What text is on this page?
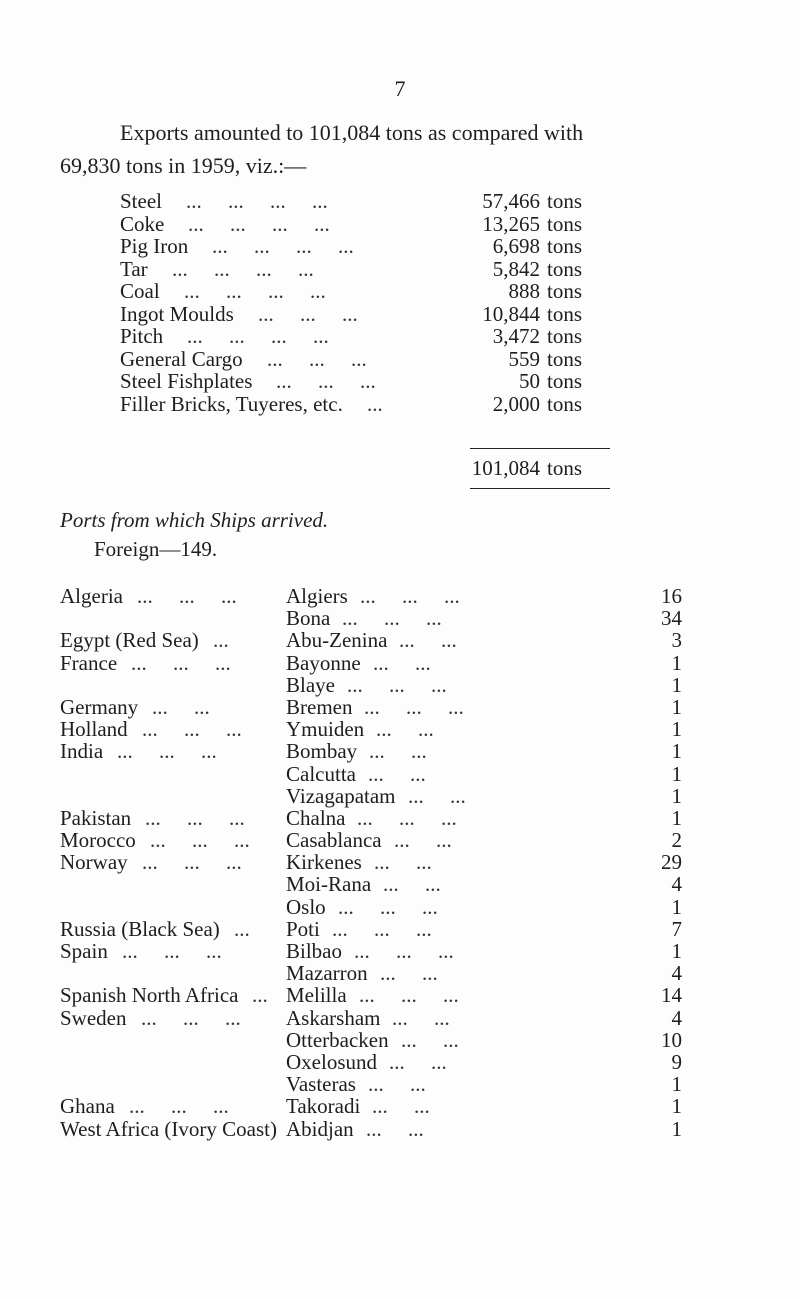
7

Exports amounted to 101,084 tons as compared with
69,830 tons in 1959, viz.:—

Steel ...     ...     ...     ...	57,466 tons
Coke ...     ...     ...     ...	13,265 tons
Pig Iron ...     ...     ...     ...	6,698 tons
Tar ...     ...     ...     ...	5,842 tons
Coal ...     ...     ...     ...	888 tons
Ingot Moulds ...     ...     ...	10,844 tons
Pitch ...     ...     ...     ...	3,472 tons
General Cargo ...     ...     ...	559 tons
Steel Fishplates ...     ...     ...	50 tons
Filler Bricks, Tuyeres, etc. ...	2,000 tons
101,084 tons
Ports from which Ships arrived.
Foreign—149.
Algeria ...     ...     ... Algiers ...     ...     ...	16
Bona ...     ...     ...	34
Egypt (Red Sea) ...	Abu-Zenina ...     ...	3
France ...     ...     ...	Bayonne ...     ...	1
Blaye ...     ...     ...	1
Germany ...     ...	Bremen ...     ...     ...	1
Holland ...     ...     ... Ymuiden ...     ...	1
India ...     ...     ...	Bombay ...     ...	1
Calcutta ...     ...	1
Vizagapatam ...     ...	1
Pakistan ...     ...     ... Chalna ...     ...     ...	1
Morocco ...     ...     ... Casablanca ...     ...	2
Norway ...     ...     ... Kirkenes ...     ...	29
Moi-Rana ...     ...	4
Oslo ...     ...     ...	1
Russia (Black Sea) ... Poti ...     ...     ...	7
Spain ...     ...     ...	Bilbao ...     ...     ...	1
Mazarron ...     ...	4
Spanish North Africa ... Melilla ...     ...     ...	14
Sweden ...     ...     ... Askarsham ...     ...	4
Otterbacken ...     ...	10
Oxelosund ...     ...	9
Vasteras ...     ...	1
Ghana ...     ...     ...	Takoradi ...     ...	1
West Africa (Ivory Coast) Abidjan ...     ...	1
